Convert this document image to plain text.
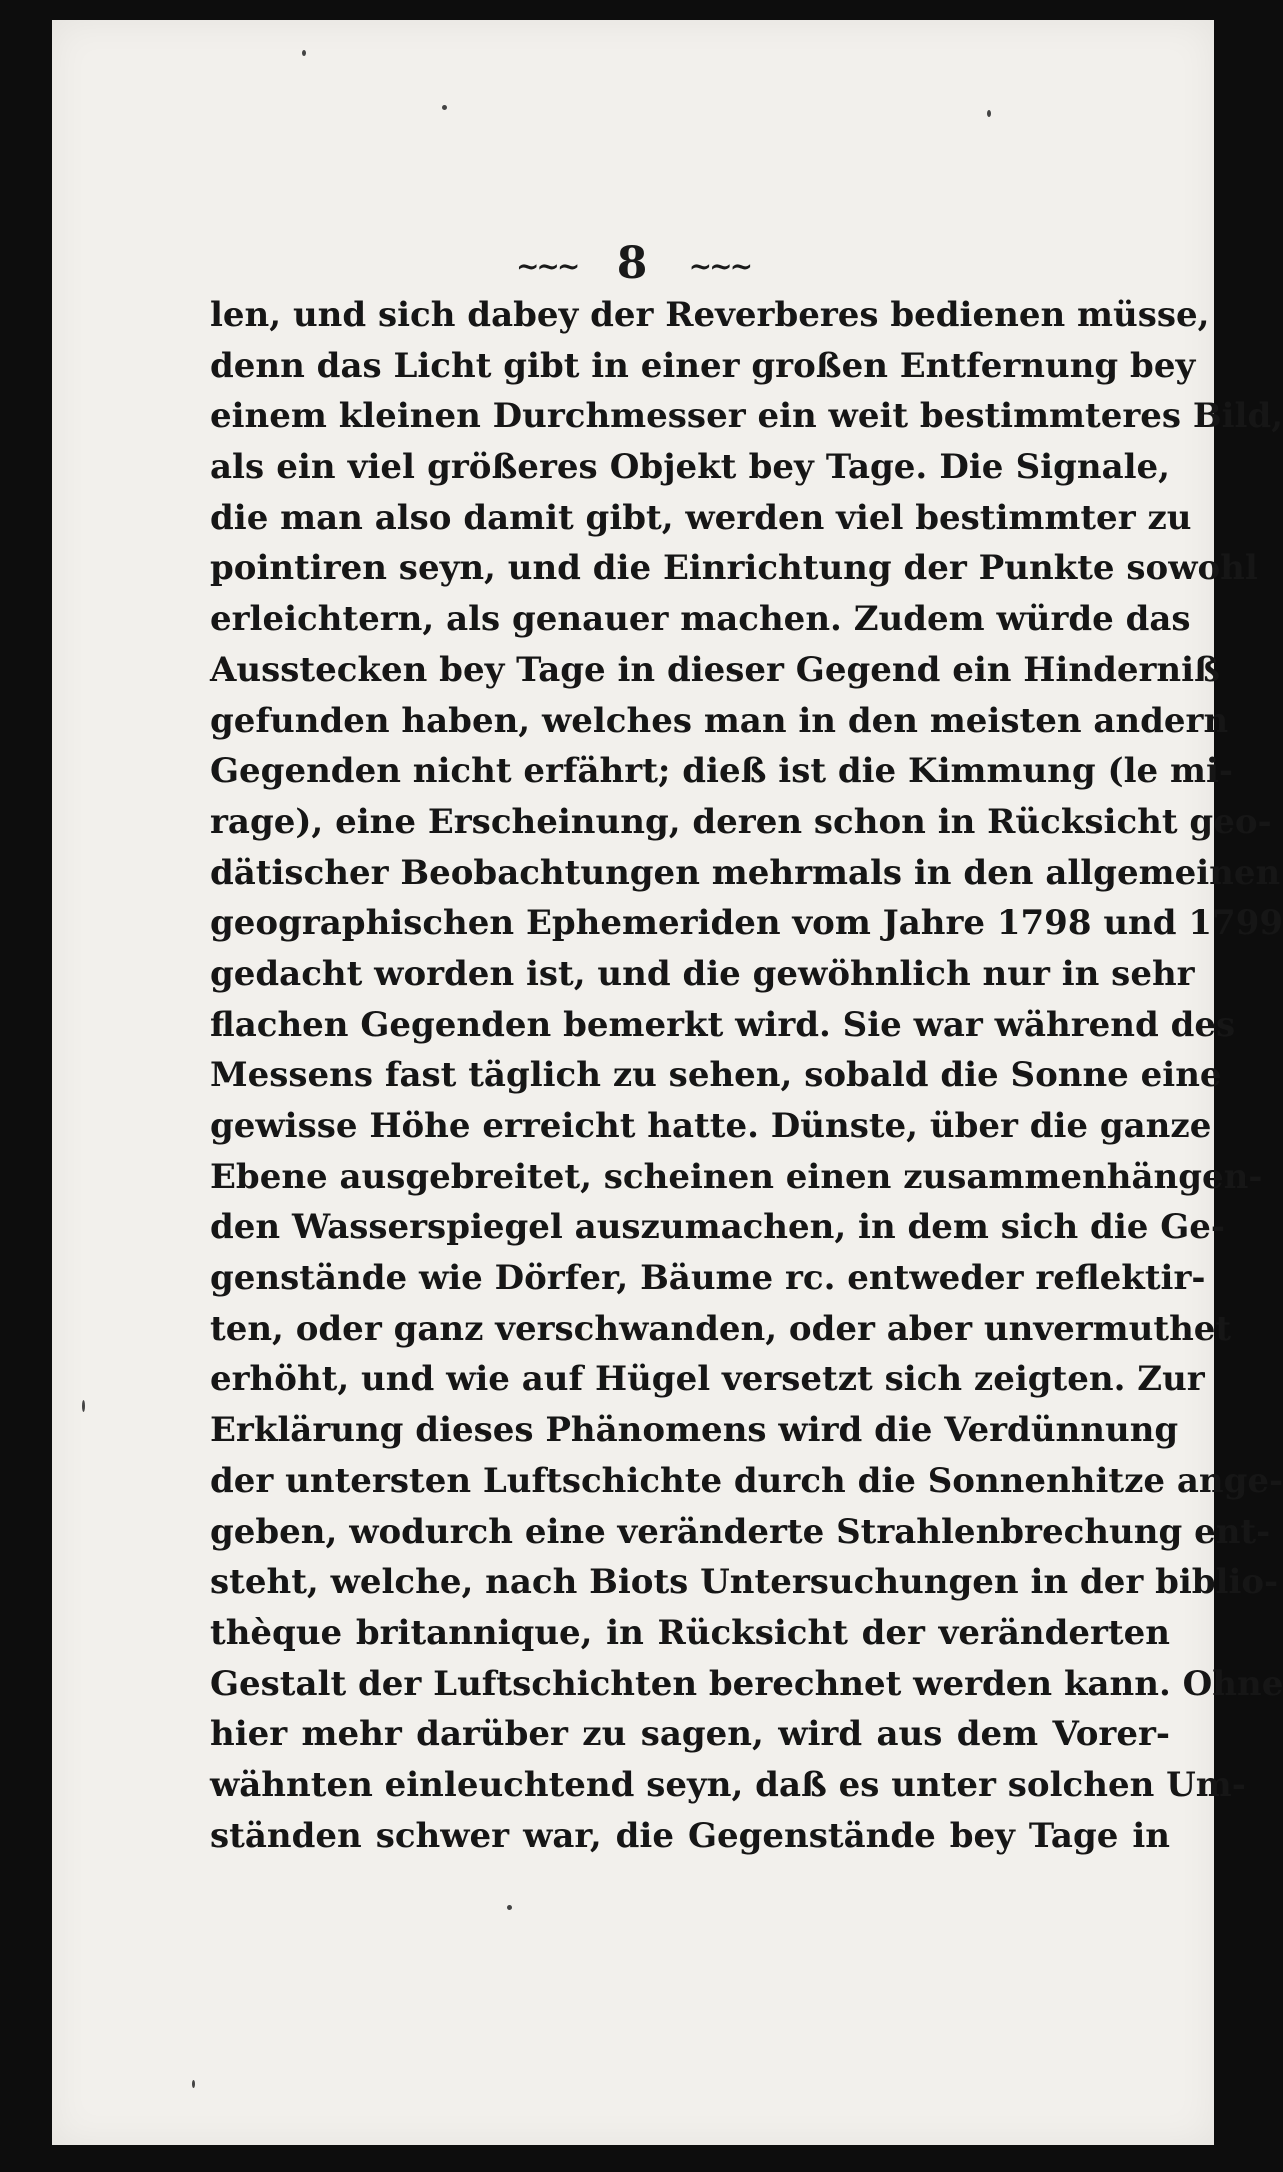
~~~ 8 ~~~
len, und sich dabey der Reverberes bedienen müsse,
denn das Licht gibt in einer großen Entfernung bey
einem kleinen Durchmesser ein weit bestimmteres Bild,
als ein viel größeres Objekt bey Tage. Die Signale,
die man also damit gibt, werden viel bestimmter zu
pointiren seyn, und die Einrichtung der Punkte sowohl
erleichtern, als genauer machen. Zudem würde das
Ausstecken bey Tage in dieser Gegend ein Hinderniß
gefunden haben, welches man in den meisten andern
Gegenden nicht erfährt; dieß ist die Kimmung (le mi-
rage), eine Erscheinung, deren schon in Rücksicht geo-
dätischer Beobachtungen mehrmals in den allgemeinen
geographischen Ephemeriden vom Jahre 1798 und 1799
gedacht worden ist, und die gewöhnlich nur in sehr
flachen Gegenden bemerkt wird. Sie war während des
Messens fast täglich zu sehen, sobald die Sonne eine
gewisse Höhe erreicht hatte. Dünste, über die ganze
Ebene ausgebreitet, scheinen einen zusammenhängen-
den Wasserspiegel auszumachen, in dem sich die Ge-
genstände wie Dörfer, Bäume rc. entweder reflektir-
ten, oder ganz verschwanden, oder aber unvermuthet
erhöht, und wie auf Hügel versetzt sich zeigten. Zur
Erklärung dieses Phänomens wird die Verdünnung
der untersten Luftschichte durch die Sonnenhitze ange-
geben, wodurch eine veränderte Strahlenbrechung ent-
steht, welche, nach Biots Untersuchungen in der biblio-
thèque britannique, in Rücksicht der veränderten
Gestalt der Luftschichten berechnet werden kann. Ohne
hier mehr darüber zu sagen, wird aus dem Vorer-
wähnten einleuchtend seyn, daß es unter solchen Um-
ständen schwer war, die Gegenstände bey Tage in
